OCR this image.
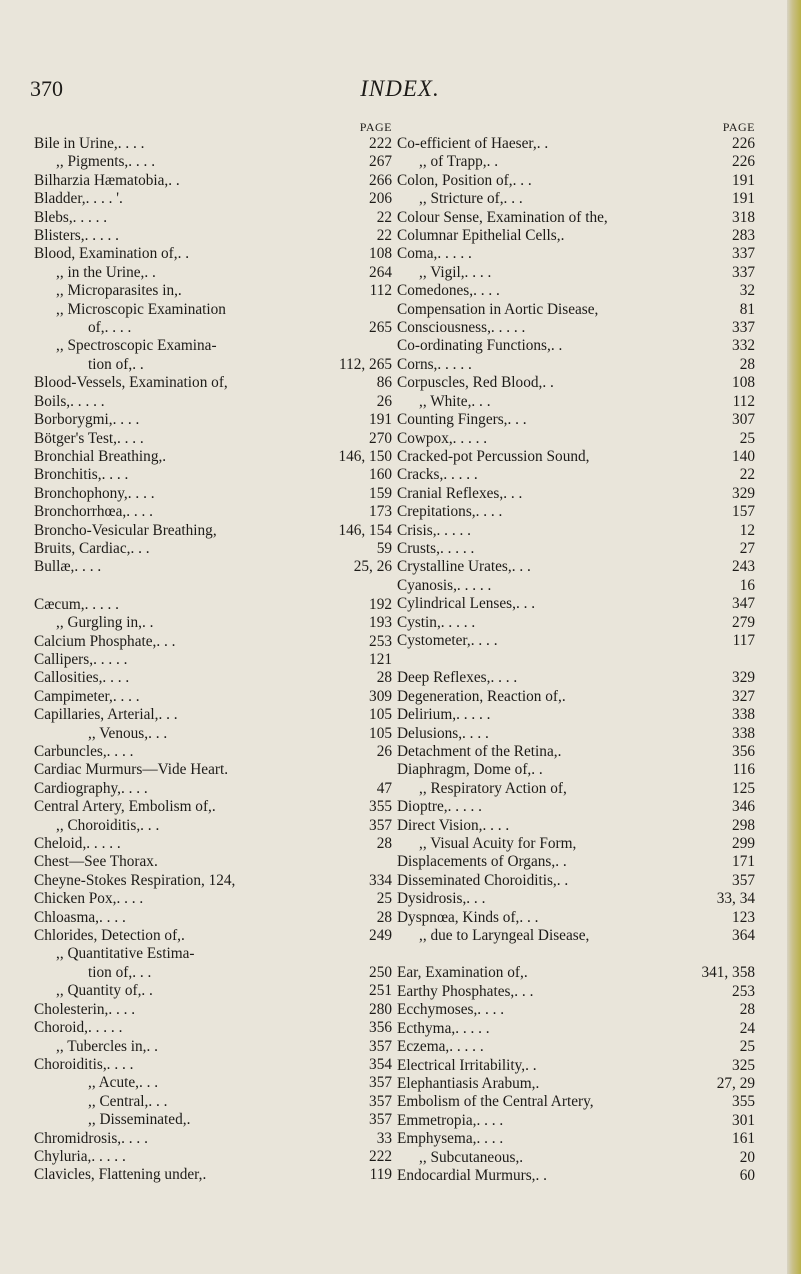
370	INDEX.
PAGE
Bile in Urine, . . . .	222
,, Pigments, . . . .	267
Bilharzia Hæmatobia, . .	266
Bladder, . . . . '.	206
Blebs, . . . . .	22
Blisters, . . . . .	22
Blood, Examination of, . .	108
,, in the Urine, . .	264
,, Microparasites in, .	112
,, Microscopic Examination
of, . . . .	265
,, Spectroscopic Examina-
tion of, . .	112, 265
Blood-Vessels, Examination of,	86
Boils, . . . . .	26
Borborygmi, . . . .	191
Bötger's Test, . . . .	270
Bronchial Breathing, .	146, 150
Bronchitis, . . . .	160
Bronchophony, . . . .	159
Bronchorrhœa, . . . .	173
Broncho-Vesicular Breathing,	146, 154
Bruits, Cardiac, . . .	59
Bullæ, . . . .	25, 26
Cæcum, . . . . .	192
,, Gurgling in, . .	193
Calcium Phosphate, . . .	253
Callipers, . . . . .	121
Callosities, . . . .	28
Campimeter, . . . .	309
Capillaries, Arterial, . . .	105
,, Venous, . . .	105
Carbuncles, . . . .	26
Cardiac Murmurs—Vide Heart.
Cardiography, . . . .	47
Central Artery, Embolism of, .	355
,, Choroiditis, . . .	357
Cheloid, . . . . .	28
Chest—See Thorax.
Cheyne-Stokes Respiration, 124,	334
Chicken Pox, . . . .	25
Chloasma, . . . .	28
Chlorides, Detection of, .	249
,, Quantitative Estima-
tion of, . . .	250
,, Quantity of, . .	251
Cholesterin, . . . .	280
Choroid, . . . . .	356
,, Tubercles in, . .	357
Choroiditis, . . . .	354
,, Acute, . . .	357
,, Central, . . .	357
,, Disseminated, .	357
Chromidrosis, . . . .	33
Chyluria, . . . . .	222
Clavicles, Flattening under, .	119
PAGE
Co-efficient of Haeser, . .	226
,, of Trapp, . .	226
Colon, Position of, . . .	191
,, Stricture of, . . .	191
Colour Sense, Examination of the,	318
Columnar Epithelial Cells, .	283
Coma, . . . . .	337
,, Vigil, . . . .	337
Comedones, . . . .	32
Compensation in Aortic Disease,	81
Consciousness, . . . . .	337
Co-ordinating Functions, . .	332
Corns, . . . . .	28
Corpuscles, Red Blood, . .	108
,, White, . . .	112
Counting Fingers, . . .	307
Cowpox, . . . . .	25
Cracked-pot Percussion Sound,	140
Cracks, . . . . .	22
Cranial Reflexes, . . .	329
Crepitations, . . . .	157
Crisis, . . . . .	12
Crusts, . . . . .	27
Crystalline Urates, . . .	243
Cyanosis, . . . . .	16
Cylindrical Lenses, . . .	347
Cystin, . . . . .	279
Cystometer, . . . .	117
Deep Reflexes, . . . .	329
Degeneration, Reaction of, .	327
Delirium, . . . . .	338
Delusions, . . . .	338
Detachment of the Retina, .	356
Diaphragm, Dome of, . .	116
,, Respiratory Action of,	125
Dioptre, . . . . .	346
Direct Vision, . . . .	298
,, Visual Acuity for Form,	299
Displacements of Organs, . .	171
Disseminated Choroiditis, . .	357
Dysidrosis, . . .	33, 34
Dyspnœa, Kinds of, . . .	123
,, due to Laryngeal Disease,	364
Ear, Examination of, .	341, 358
Earthy Phosphates, . . .	253
Ecchymoses, . . . .	28
Ecthyma, . . . . .	24
Eczema, . . . . .	25
Electrical Irritability, . .	325
Elephantiasis Arabum, .	27, 29
Embolism of the Central Artery,	355
Emmetropia, . . . .	301
Emphysema, . . . .	161
,, Subcutaneous, .	20
Endocardial Murmurs, . .	60
